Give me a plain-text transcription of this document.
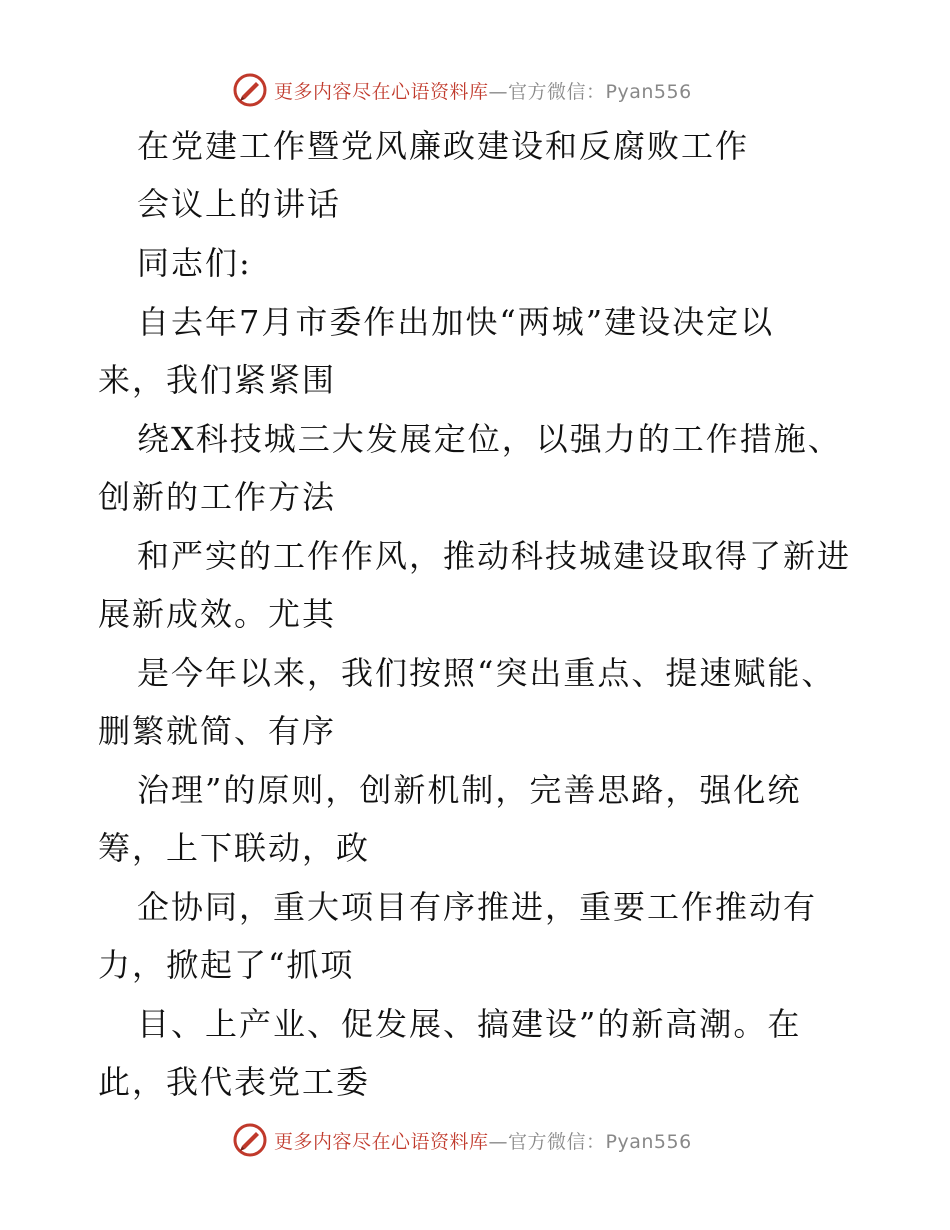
更多内容尽在心语资料库—官方微信：Pyan556
在党建工作暨党风廉政建设和反腐败工作
会议上的讲话
同志们:
自去年7月市委作出加快“两城”建设决定以
来，我们紧紧围
绕X科技城三大发展定位，以强力的工作措施、
创新的工作方法
和严实的工作作风，推动科技城建设取得了新进
展新成效。尤其
是今年以来，我们按照“突出重点、提速赋能、
删繁就简、有序
治理”的原则，创新机制，完善思路，强化统
筹，上下联动，政
企协同，重大项目有序推进，重要工作推动有
力，掀起了“抓项
目、上产业、促发展、搞建设”的新高潮。在
此，我代表党工委
更多内容尽在心语资料库—官方微信：Pyan556
